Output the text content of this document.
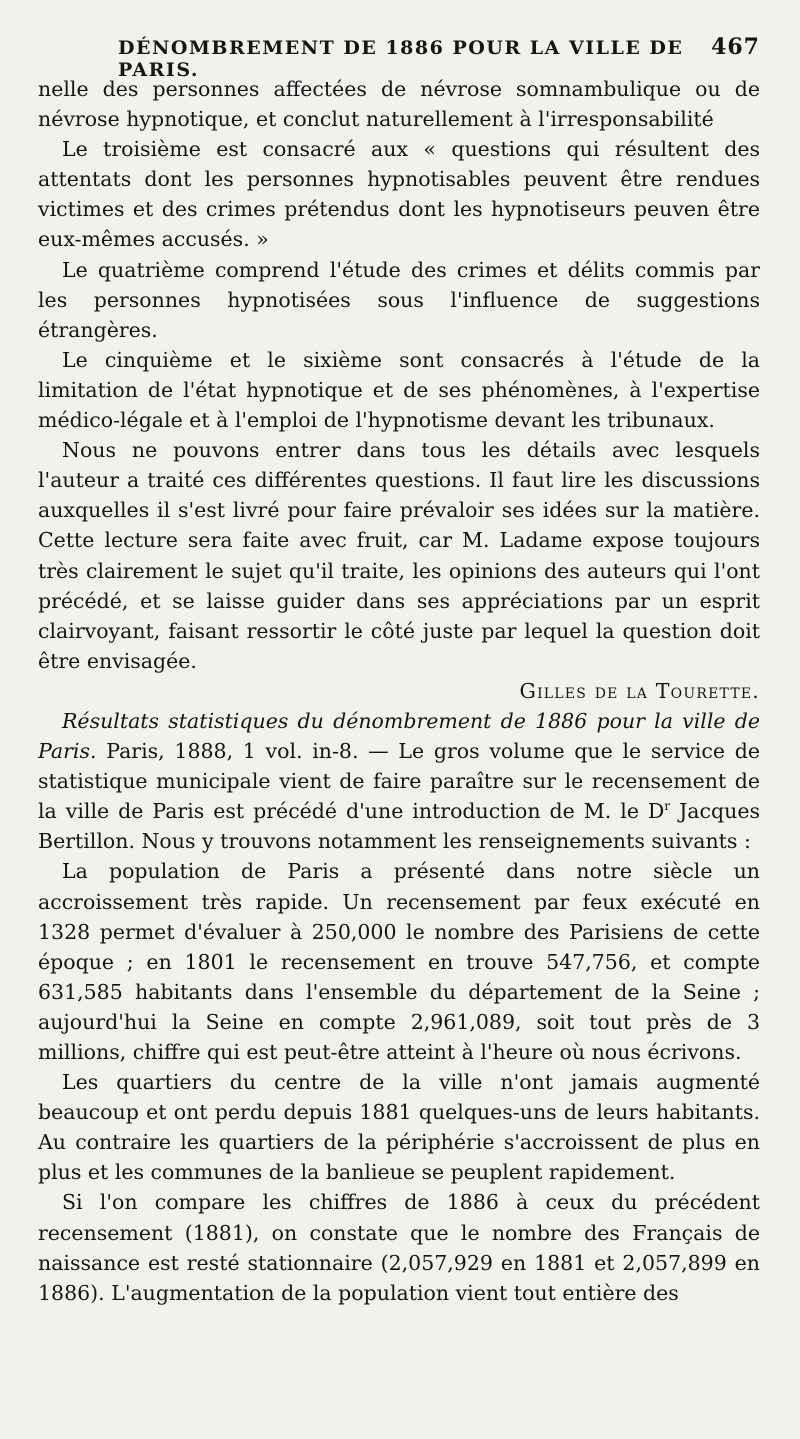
DÉNOMBREMENT DE 1886 POUR LA VILLE DE PARIS.
467

nelle des personnes affectées de névrose somnambulique ou de névrose hypnotique, et conclut naturellement à l'irresponsabilité

Le troisième est consacré aux « questions qui résultent des attentats dont les personnes hypnotisables peuvent être rendues victimes et des crimes prétendus dont les hypnotiseurs peuven être eux-mêmes accusés. »

Le quatrième comprend l'étude des crimes et délits commis par les personnes hypnotisées sous l'influence de suggestions étrangères.

Le cinquième et le sixième sont consacrés à l'étude de la limitation de l'état hypnotique et de ses phénomènes, à l'expertise médico-légale et à l'emploi de l'hypnotisme devant les tribunaux.

Nous ne pouvons entrer dans tous les détails avec lesquels l'auteur a traité ces différentes questions. Il faut lire les discussions auxquelles il s'est livré pour faire prévaloir ses idées sur la matière. Cette lecture sera faite avec fruit, car M. Ladame expose toujours très clairement le sujet qu'il traite, les opinions des auteurs qui l'ont précédé, et se laisse guider dans ses appréciations par un esprit clairvoyant, faisant ressortir le côté juste par lequel la question doit être envisagée.

Gilles de la Tourette.

Résultats statistiques du dénombrement de 1886 pour la ville de Paris. Paris, 1888, 1 vol. in-8. — Le gros volume que le service de statistique municipale vient de faire paraître sur le recensement de la ville de Paris est précédé d'une introduction de M. le $D^r$ Jacques Bertillon. Nous y trouvons notamment les renseignements suivants :

La population de Paris a présenté dans notre siècle un accroissement très rapide. Un recensement par feux exécuté en 1328 permet d'évaluer à 250,000 le nombre des Parisiens de cette époque ; en 1801 le recensement en trouve 547,756, et compte 631,585 habitants dans l'ensemble du département de la Seine ; aujourd'hui la Seine en compte 2,961,089, soit tout près de 3 millions, chiffre qui est peut-être atteint à l'heure où nous écrivons.

Les quartiers du centre de la ville n'ont jamais augmenté beaucoup et ont perdu depuis 1881 quelques-uns de leurs habitants. Au contraire les quartiers de la périphérie s'accroissent de plus en plus et les communes de la banlieue se peuplent rapidement.

Si l'on compare les chiffres de 1886 à ceux du précédent recensement (1881), on constate que le nombre des Français de naissance est resté stationnaire (2,057,929 en 1881 et 2,057,899 en 1886). L'augmentation de la population vient tout entière des
